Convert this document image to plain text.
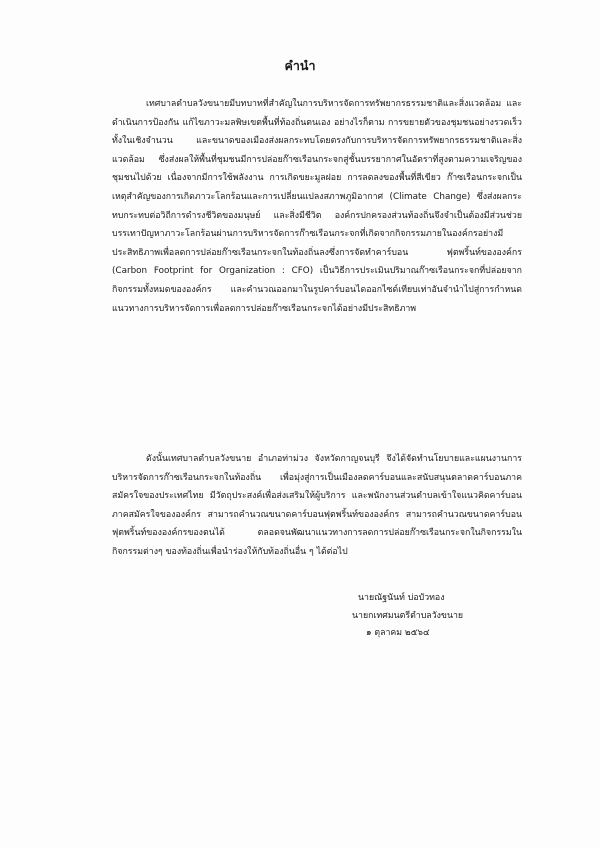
คำนำ

เทศบาลตำบลวังขนายมีบทบาทที่สำคัญในการบริหารจัดการทรัพยากรธรรมชาติและสิ่งแวดล้อม และดำเนินการป้องกัน แก้ไขภาวะมลพิษเขตพื้นที่ท้องถิ่นตนเอง อย่างไรก็ตาม การขยายตัวของชุมชนอย่างรวดเร็วทั้งในเชิงจำนวน และขนาดของเมืองส่งผลกระทบโดยตรงกับการบริหารจัดการทรัพยากรธรรมชาติและสิ่งแวดล้อม ซึ่งส่งผลให้พื้นที่ชุมชนมีการปล่อยก๊าซเรือนกระจกสู่ชั้นบรรยากาศในอัตราที่สูงตามความเจริญของชุมชนไปด้วย เนื่องจากมีการใช้พลังงาน การเกิดขยะมูลฝอย การลดลงของพื้นที่สีเขียว ก๊าซเรือนกระจกเป็นเหตุสำคัญของการเกิดภาวะโลกร้อนและการเปลี่ยนแปลงสภาพภูมิอากาศ (Climate Change) ซึ่งส่งผลกระทบกระทบต่อวิถีการดำรงชีวิตของมนุษย์ และสิ่งมีชีวิต องค์กรปกครองส่วนท้องถิ่นจึงจำเป็นต้องมีส่วนช่วยบรรเทาปัญหาภาวะโลกร้อนผ่านการบริหารจัดการก๊าซเรือนกระจกที่เกิดจากกิจกรรมภายในองค์กรอย่างมีประสิทธิภาพเพื่อลดการปล่อยก๊าซเรือนกระจกในท้องถิ่นลงซึ่งการจัดทำคาร์บอน ฟุตพริ้นท์ขององค์กร (Carbon Footprint for Organization : CFO) เป็นวิธีการประเมินปริมาณก๊าซเรือนกระจกที่ปล่อยจากกิจกรรมทั้งหมดขององค์กร และคำนวณออกมาในรูปคาร์บอนไดออกไซด์เทียบเท่าอันจำนำไปสู่การกำหนดแนวทางการบริหารจัดการเพื่อลดการปล่อยก๊าซเรือนกระจกได้อย่างมีประสิทธิภาพ

ดังนั้นเทศบาลตำบลวังขนาย อำเภอท่าม่วง จังหวัดกาญจนบุรี จึงได้จัดทำนโยบายและแผนงานการบริหารจัดการก๊าซเรือนกระจกในท้องถิ่น เพื่อมุ่งสู่การเป็นเมืองลดคาร์บอนและสนับสนุนตลาดคาร์บอนภาคสมัครใจของประเทศไทย มีวัตถุประสงค์เพื่อส่งเสริมให้ผู้บริการ และพนักงานส่วนตำบลเข้าใจแนวคิดคาร์บอนภาคสมัครใจขององค์กร สามารถคำนวณขนาดคาร์บอนฟุตพริ้นท์ขององค์กร สามารถคำนวณขนาดคาร์บอนฟุตพริ้นท์ขององค์กรของตนได้ ตลอดจนพัฒนาแนวทางการลดการปล่อยก๊าซเรือนกระจกในกิจกรรมในกิจกรรมต่างๆ ของท้องถิ่นเพื่อนำร่องให้กับท้องถิ่นอื่น ๆ ได้ต่อไป

นายณัฐนันท์ บ่อบัวทอง
นายกเทศมนตรีตำบลวังขนาย
๑ ตุลาคม ๒๕๖๔
